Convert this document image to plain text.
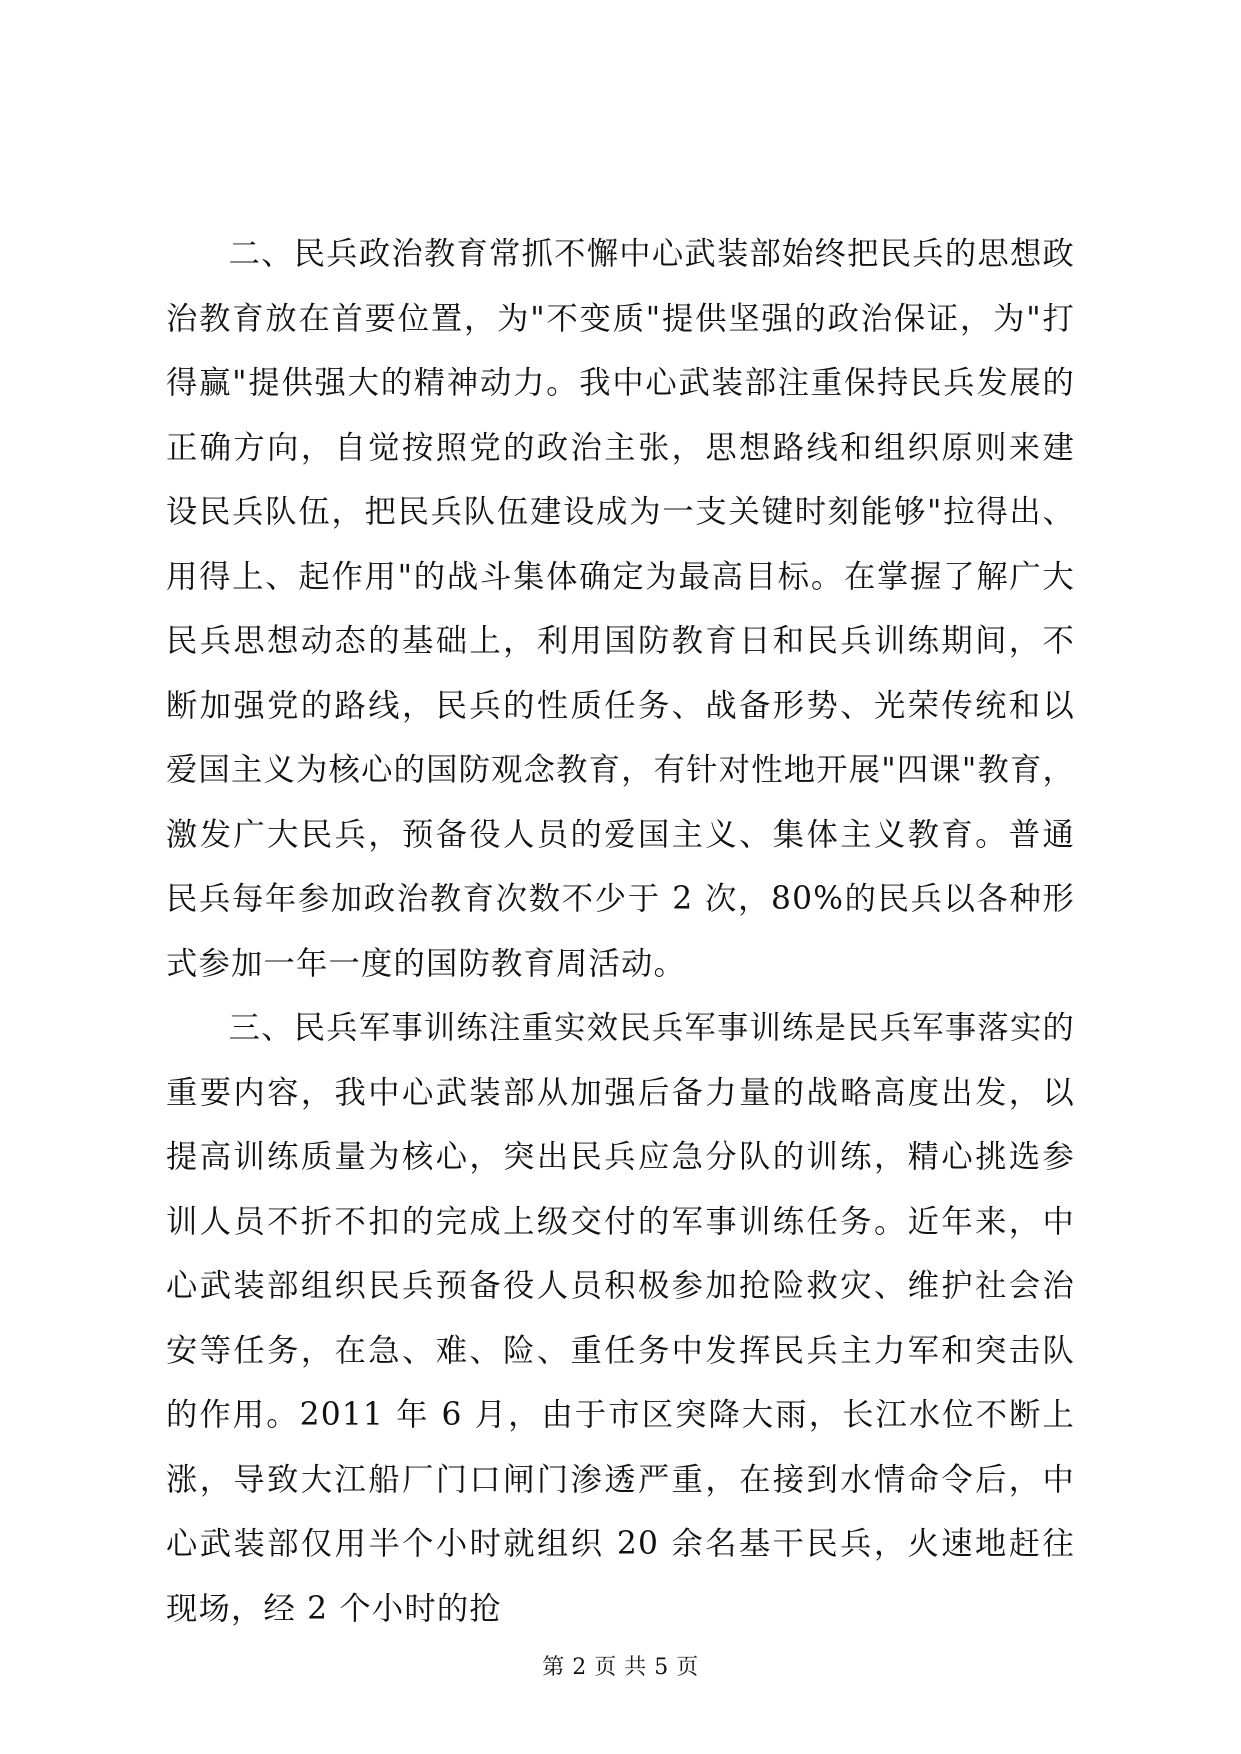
二、民兵政治教育常抓不懈中心武装部始终把民兵的思想政治教育放在首要位置，为"不变质"提供坚强的政治保证，为"打得赢"提供强大的精神动力。我中心武装部注重保持民兵发展的正确方向，自觉按照党的政治主张，思想路线和组织原则来建设民兵队伍，把民兵队伍建设成为一支关键时刻能够"拉得出、用得上、起作用"的战斗集体确定为最高目标。在掌握了解广大民兵思想动态的基础上，利用国防教育日和民兵训练期间，不断加强党的路线，民兵的性质任务、战备形势、光荣传统和以爱国主义为核心的国防观念教育，有针对性地开展"四课"教育，激发广大民兵，预备役人员的爱国主义、集体主义教育。普通民兵每年参加政治教育次数不少于 2 次，80%的民兵以各种形式参加一年一度的国防教育周活动。

三、民兵军事训练注重实效民兵军事训练是民兵军事落实的重要内容，我中心武装部从加强后备力量的战略高度出发，以提高训练质量为核心，突出民兵应急分队的训练，精心挑选参训人员不折不扣的完成上级交付的军事训练任务。近年来，中心武装部组织民兵预备役人员积极参加抢险救灾、维护社会治安等任务，在急、难、险、重任务中发挥民兵主力军和突击队的作用。2011 年 6 月，由于市区突降大雨，长江水位不断上涨，导致大江船厂门口闸门渗透严重，在接到水情命令后，中心武装部仅用半个小时就组织 20 余名基干民兵，火速地赶往现场，经 2 个小时的抢

第 2 页 共 5 页
